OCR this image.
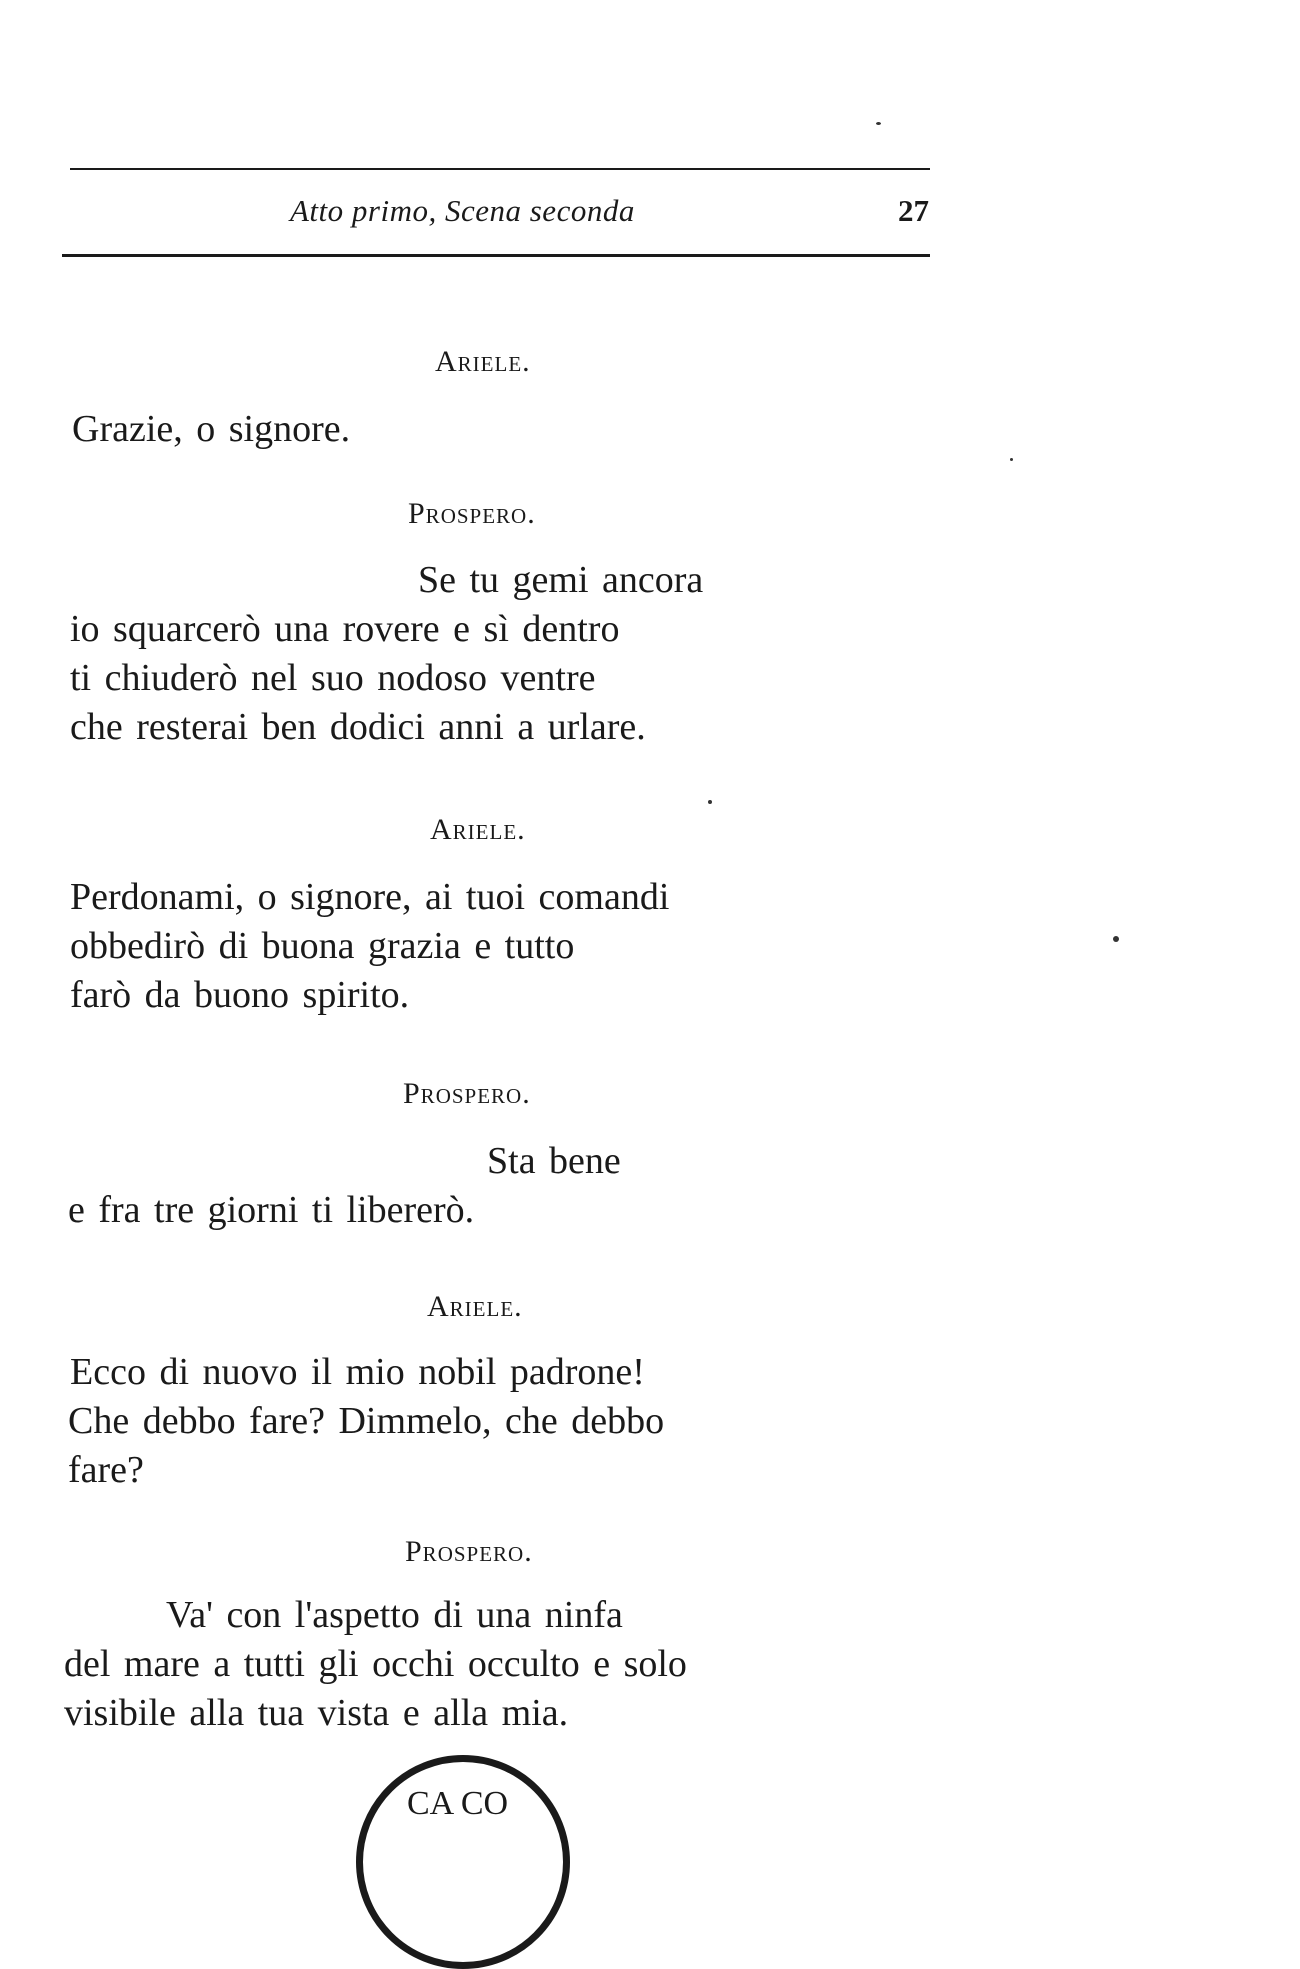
Atto primo, Scena seconda	27
Ariele.
Grazie, o signore.
Prospero.
Se tu gemi ancora
io squarcerò una rovere e sì dentro
ti chiuderò nel suo nodoso ventre
che resterai ben dodici anni a urlare.
Ariele.
Perdonami, o signore, ai tuoi comandi
obbedirò di buona grazia e tutto
farò da buono spirito.
Prospero.
Sta bene
e fra tre giorni ti libererò.
Ariele.
Ecco di nuovo il mio nobil padrone!
Che debbo fare? Dimmelo, che debbo
fare?
Prospero.
Va' con l'aspetto di una ninfa
del mare a tutti gli occhi occulto e solo
visibile alla tua vista e alla mia.
CA CO
